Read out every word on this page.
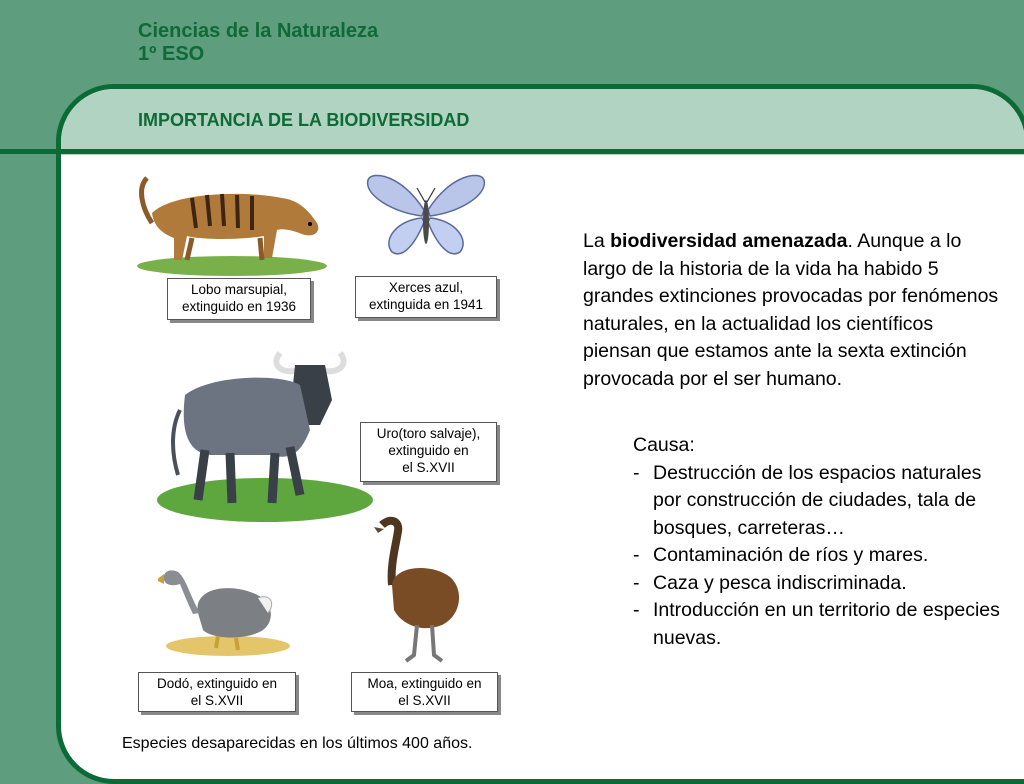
Ciencias de la Naturaleza
1º ESO
IMPORTANCIA DE LA BIODIVERSIDAD
Lobo marsupial,
extinguido en 1936
Xerces azul,
extinguida en 1941
Uro(toro salvaje),
extinguido en
el S.XVII
Dodó, extinguido en
el S.XVII
Moa, extinguido en
el S.XVII
La biodiversidad amenazada. Aunque a lo largo de la historia de la vida ha habido 5 grandes extinciones provocadas por fenómenos naturales, en la actualidad los científicos piensan que estamos ante la sexta extinción provocada por el ser humano.
Causa:
- Destrucción de los espacios naturales por construcción de ciudades, tala de bosques, carreteras…
- Contaminación de ríos y mares.
- Caza y pesca indiscriminada.
- Introducción en un territorio de especies nuevas.
Especies desaparecidas en los últimos 400 años.
